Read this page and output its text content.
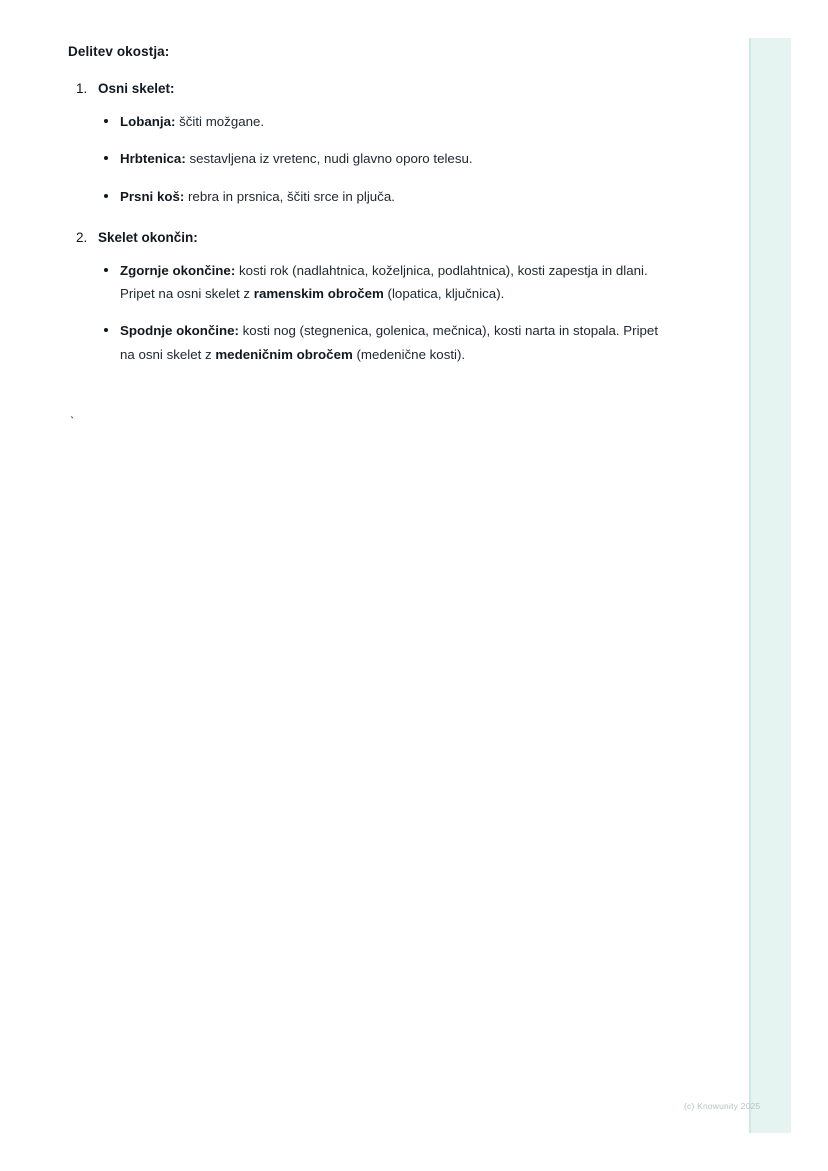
Delitev okostja:
Osni skelet:
Lobanja: ščiti možgane.
Hrbtenica: sestavljena iz vretenc, nudi glavno oporo telesu.
Prsni koš: rebra in prsnica, ščiti srce in pljuča.
Skelet okončin:
Zgornje okončine: kosti rok (nadlahtnica, koželjnica, podlahtnica), kosti zapestja in dlani. Pripet na osni skelet z ramenskim obročem (lopatica, ključnica).
Spodnje okončine: kosti nog (stegnenica, golenica, mečnica), kosti narta in stopala. Pripet na osni skelet z medeničnim obročem (medenične kosti).
`
(c) Knowunity 2025
